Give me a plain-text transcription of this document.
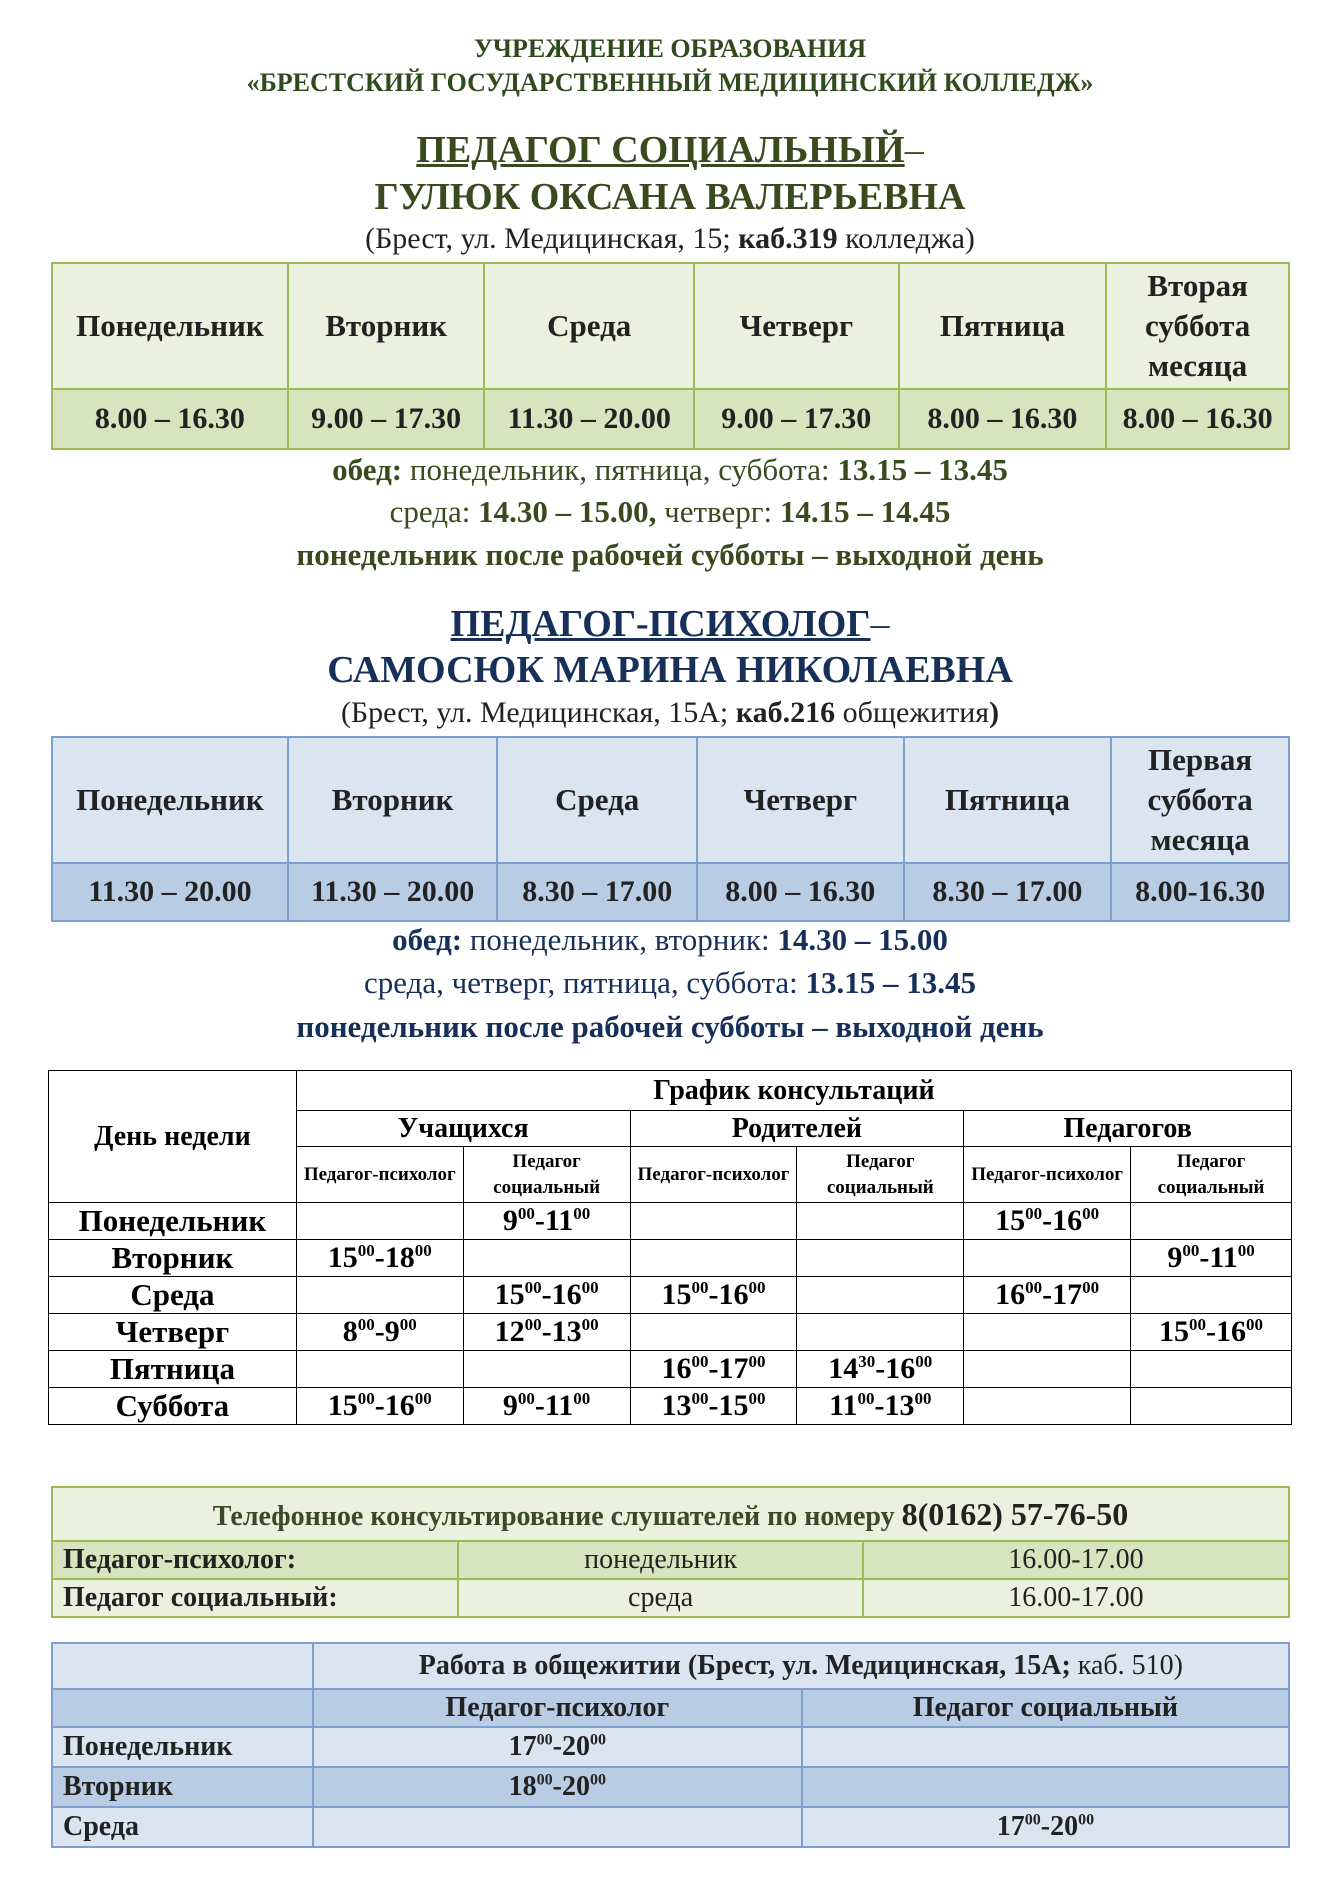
УЧРЕЖДЕНИЕ ОБРАЗОВАНИЯ
«БРЕСТСКИЙ ГОСУДАРСТВЕННЫЙ МЕДИЦИНСКИЙ КОЛЛЕДЖ»
ПЕДАГОГ СОЦИАЛЬНЫЙ–
ГУЛЮК ОКСАНА ВАЛЕРЬЕВНА
(Брест, ул. Медицинская, 15; каб.319 колледжа)
Понедельник	Вторник	Среда	Четверг	Пятница	Вторая суббота месяца
8.00 – 16.30	9.00 – 17.30	11.30 – 20.00	9.00 – 17.30	8.00 – 16.30	8.00 – 16.30
обед: понедельник, пятница, суббота: 13.15 – 13.45
среда: 14.30 – 15.00, четверг: 14.15 – 14.45
понедельник после рабочей субботы – выходной день
ПЕДАГОГ-ПСИХОЛОГ–
САМОСЮК МАРИНА НИКОЛАЕВНА
(Брест, ул. Медицинская, 15А; каб.216 общежития)
Понедельник	Вторник	Среда	Четверг	Пятница	Первая суббота месяца
11.30 – 20.00	11.30 – 20.00	8.30 – 17.00	8.00 – 16.30	8.30 – 17.00	8.00-16.30
обед: понедельник, вторник: 14.30 – 15.00
среда, четверг, пятница, суббота: 13.15 – 13.45
понедельник после рабочей субботы – выходной день
День недели	График консультаций					
	Учащихся		Родителей		Педагогов	
	Педагог-психолог	Педагог социальный	Педагог-психолог	Педагог социальный	Педагог-психолог	Педагог социальный
Понедельник		$9^{00}-11^{00}$			$15^{00}-16^{00}$	
Вторник	$15^{00}-18^{00}$					$9^{00}-11^{00}$
Среда		$15^{00}-16^{00}$	$15^{00}-16^{00}$		$16^{00}-17^{00}$	
Четверг	$8^{00}-9^{00}$	$12^{00}-13^{00}$				$15^{00}-16^{00}$
Пятница			$16^{00}-17^{00}$	$14^{30}-16^{00}$		
Суббота	$15^{00}-16^{00}$	$9^{00}-11^{00}$	$13^{00}-15^{00}$	$11^{00}-13^{00}$		
Телефонное консультирование слушателей по номеру 8(0162) 57-76-50		
Педагог-психолог:	понедельник	16.00-17.00
Педагог социальный:	среда	16.00-17.00
	Работа в общежитии (Брест, ул. Медицинская, 15А; каб. 510)	
	Педагог-психолог	Педагог социальный
Понедельник	$17^{00}-20^{00}$	
Вторник	$18^{00}-20^{00}$	
Среда		$17^{00}-20^{00}$
